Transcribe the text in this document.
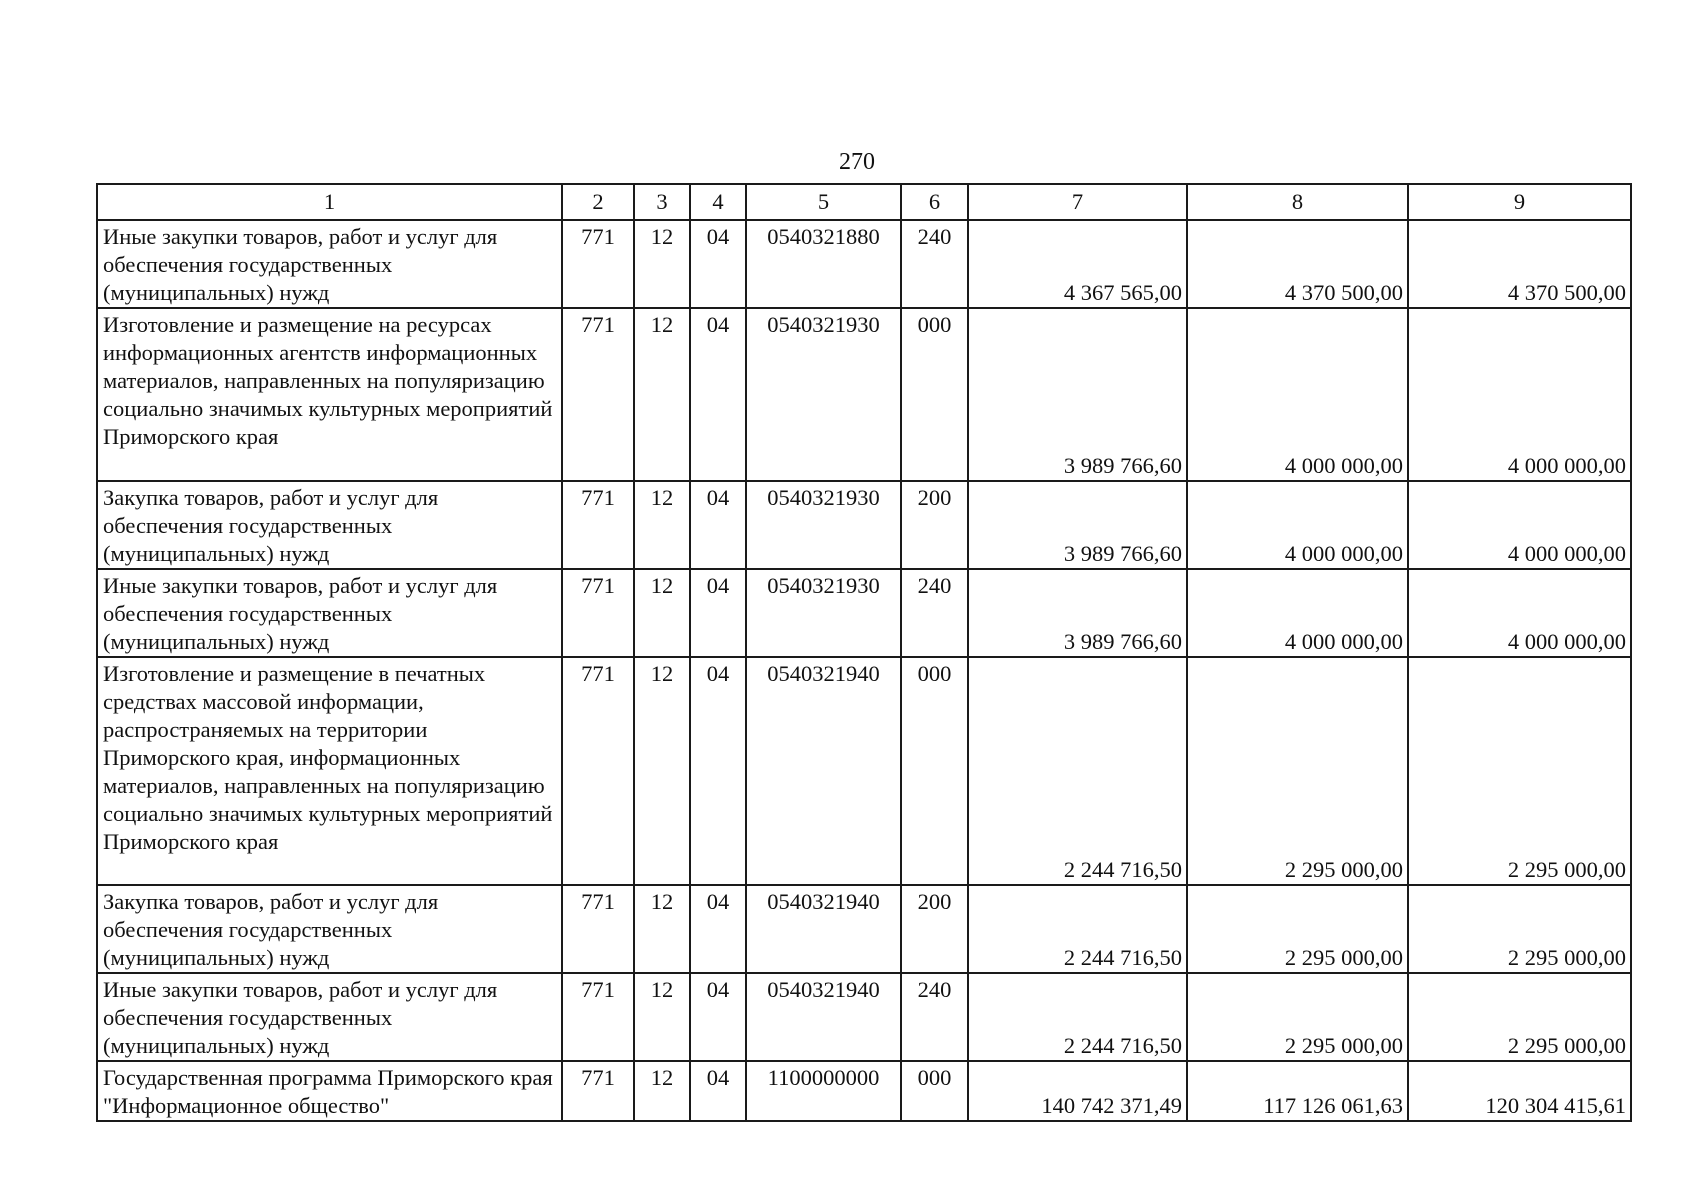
270
1	2	3	4	5	6	7	8	9
Иные закупки товаров, работ и услуг для обеспечения государственных (муниципальных) нужд	771	12	04	0540321880	240	4 367 565,00	4 370 500,00	4 370 500,00
Изготовление и размещение на ресурсах информационных агентств информационных материалов, направленных на популяризацию социально значимых культурных мероприятий Приморского края	771	12	04	0540321930	000	3 989 766,60	4 000 000,00	4 000 000,00
Закупка товаров, работ и услуг для обеспечения государственных (муниципальных) нужд	771	12	04	0540321930	200	3 989 766,60	4 000 000,00	4 000 000,00
Иные закупки товаров, работ и услуг для обеспечения государственных (муниципальных) нужд	771	12	04	0540321930	240	3 989 766,60	4 000 000,00	4 000 000,00
Изготовление и размещение в печатных средствах массовой информации, распространяемых на территории Приморского края, информационных материалов, направленных на популяризацию социально значимых культурных мероприятий Приморского края	771	12	04	0540321940	000	2 244 716,50	2 295 000,00	2 295 000,00
Закупка товаров, работ и услуг для обеспечения государственных (муниципальных) нужд	771	12	04	0540321940	200	2 244 716,50	2 295 000,00	2 295 000,00
Иные закупки товаров, работ и услуг для обеспечения государственных (муниципальных) нужд	771	12	04	0540321940	240	2 244 716,50	2 295 000,00	2 295 000,00
Государственная программа Приморского края "Информационное общество"	771	12	04	1100000000	000	140 742 371,49	117 126 061,63	120 304 415,61
